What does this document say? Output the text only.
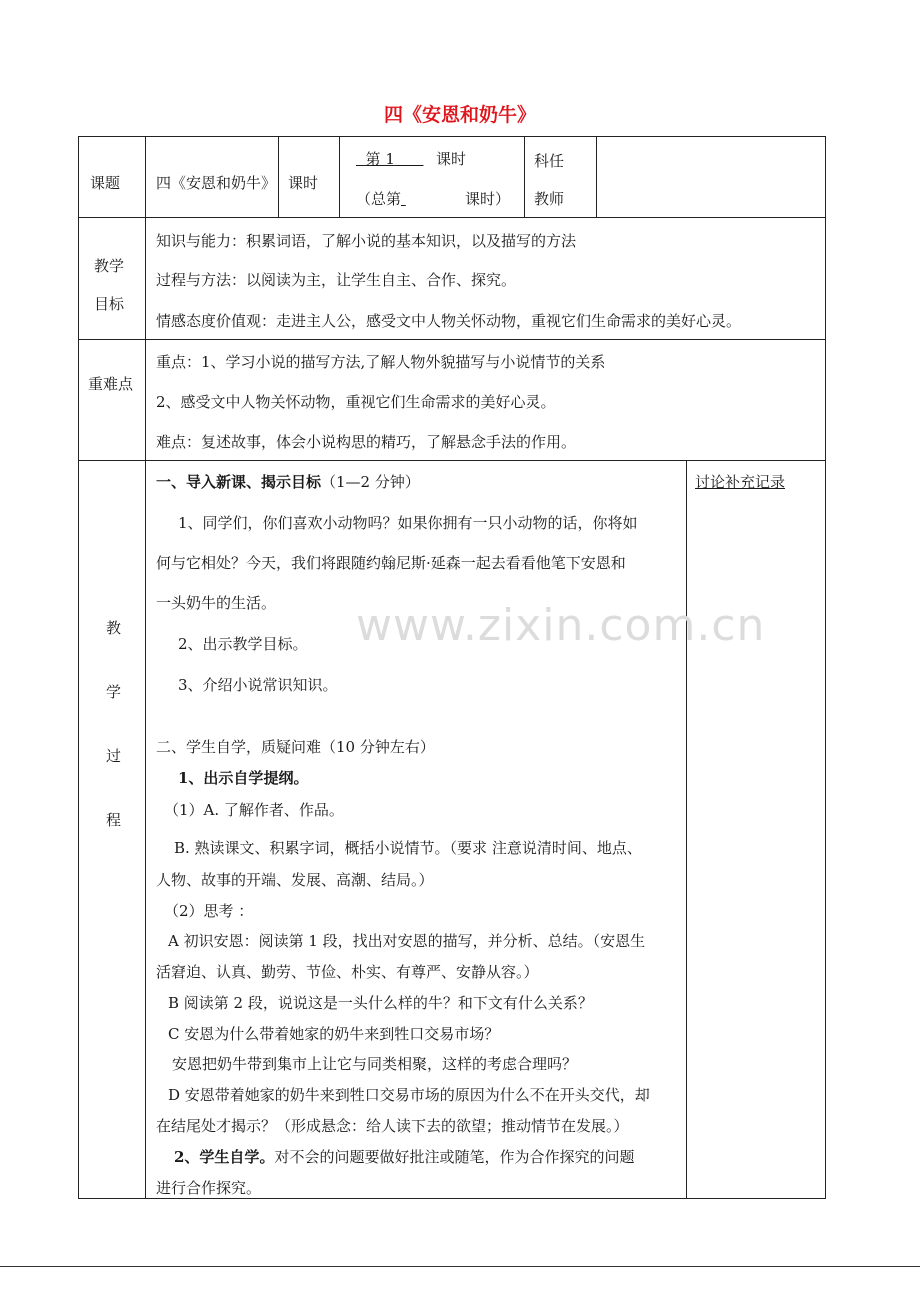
四《安恩和奶牛》
课题 四《安恩和奶牛》 课时
第 1	课时
（总第	课时）
科任
教师
教学
目标
知识与能力：积累词语，了解小说的基本知识，以及描写的方法
过程与方法：以阅读为主，让学生自主、合作、探究。
情感态度价值观：走进主人公，感受文中人物关怀动物，重视它们生命需求的美好心灵。
重难点
重点：1、学习小说的描写方法,了解人物外貌描写与小说情节的关系
2、感受文中人物关怀动物，重视它们生命需求的美好心灵。
难点：复述故事，体会小说构思的精巧，了解悬念手法的作用。
教
学
过
程
讨论补充记录
www.zixin.com.cn
一、导入新课、揭示目标（1—2 分钟）
1、同学们，你们喜欢小动物吗？如果你拥有一只小动物的话，你将如
何与它相处？今天，我们将跟随约翰尼斯·延森一起去看看他笔下安恩和
一头奶牛的生活。
2、出示教学目标。
3、介绍小说常识知识。
二、学生自学，质疑问难（10 分钟左右）
1、出示自学提纲。
（1）A. 了解作者、作品。
B. 熟读课文、积累字词，概括小说情节。（要求 注意说清时间、地点、
人物、故事的开端、发展、高潮、结局。）
（2）思考 ：
A 初识安恩：阅读第 1 段，找出对安恩的描写，并分析、总结。（安恩生
活窘迫、认真、勤劳、节俭、朴实、有尊严、安静从容。）
B 阅读第 2 段，说说这是一头什么样的牛？和下文有什么关系？
C 安恩为什么带着她家的奶牛来到牲口交易市场？
安恩把奶牛带到集市上让它与同类相聚，这样的考虑合理吗？
D 安恩带着她家的奶牛来到牲口交易市场的原因为什么不在开头交代，却
在结尾处才揭示？（形成悬念：给人读下去的欲望；推动情节在发展。）
2、学生自学。对不会的问题要做好批注或随笔，作为合作探究的问题
进行合作探究。
